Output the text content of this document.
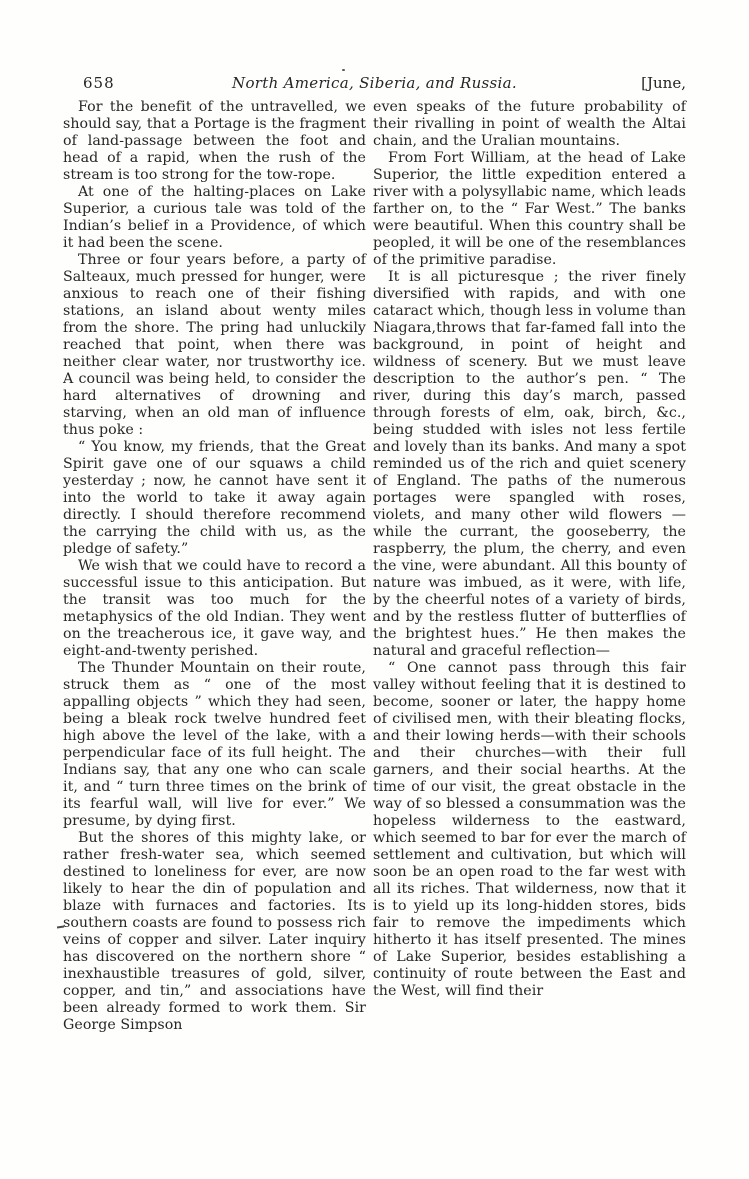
658	North America, Siberia, and Russia.	[June,

For the benefit of the untravelled, we should say, that a Portage is the fragment of land-passage between the foot and head of a rapid, when the rush of the stream is too strong for the tow-rope.

At one of the halting-places on Lake Superior, a curious tale was told of the Indian’s belief in a Providence, of which it had been the scene.

Three or four years before, a party of Salteaux, much pressed for hunger, were anxious to reach one of their fishing stations, an island about wenty miles from the shore. The pring had unluckily reached that point, when there was neither clear water, nor trustworthy ice. A council was being held, to consider the hard alternatives of drowning and starving, when an old man of influence thus poke :

“ You know, my friends, that the Great Spirit gave one of our squaws a child yesterday ; now, he cannot have sent it into the world to take it away again directly. I should therefore recommend the carrying the child with us, as the pledge of safety.”

We wish that we could have to record a successful issue to this anticipation. But the transit was too much for the metaphysics of the old Indian. They went on the treacherous ice, it gave way, and eight-and-twenty perished.

The Thunder Mountain on their route, struck them as “ one of the most appalling objects ” which they had seen, being a bleak rock twelve hundred feet high above the level of the lake, with a perpendicular face of its full height. The Indians say, that any one who can scale it, and “ turn three times on the brink of its fearful wall, will live for ever.” We presume, by dying first.

But the shores of this mighty lake, or rather fresh-water sea, which seemed destined to loneliness for ever, are now likely to hear the din of population and blaze with furnaces and factories. Its southern coasts are found to possess rich veins of copper and silver. Later inquiry has discovered on the northern shore “ inexhaustible treasures of gold, silver, copper, and tin,” and associations have been already formed to work them. Sir George Simpson

even speaks of the future probability of their rivalling in point of wealth the Altai chain, and the Uralian mountains.

From Fort William, at the head of Lake Superior, the little expedition entered a river with a polysyllabic name, which leads farther on, to the “ Far West.” The banks were beautiful. When this country shall be peopled, it will be one of the resemblances of the primitive paradise.

It is all picturesque ; the river finely diversified with rapids, and with one cataract which, though less in volume than Niagara,throws that far-famed fall into the background, in point of height and wildness of scenery. But we must leave description to the author’s pen. “ The river, during this day’s march, passed through forests of elm, oak, birch, &c., being studded with isles not less fertile and lovely than its banks. And many a spot reminded us of the rich and quiet scenery of England. The paths of the numerous portages were spangled with roses, violets, and many other wild flowers —while the currant, the gooseberry, the raspberry, the plum, the cherry, and even the vine, were abundant. All this bounty of nature was imbued, as it were, with life, by the cheerful notes of a variety of birds, and by the restless flutter of butterflies of the brightest hues.” He then makes the natural and graceful reflection—

“ One cannot pass through this fair valley without feeling that it is destined to become, sooner or later, the happy home of civilised men, with their bleating flocks, and their lowing herds—with their schools and their churches—with their full garners, and their social hearths. At the time of our visit, the great obstacle in the way of so blessed a consummation was the hopeless wilderness to the eastward, which seemed to bar for ever the march of settlement and cultivation, but which will soon be an open road to the far west with all its riches. That wilderness, now that it is to yield up its long-hidden stores, bids fair to remove the impediments which hitherto it has itself presented. The mines of Lake Superior, besides establishing a continuity of route between the East and the West, will find their
